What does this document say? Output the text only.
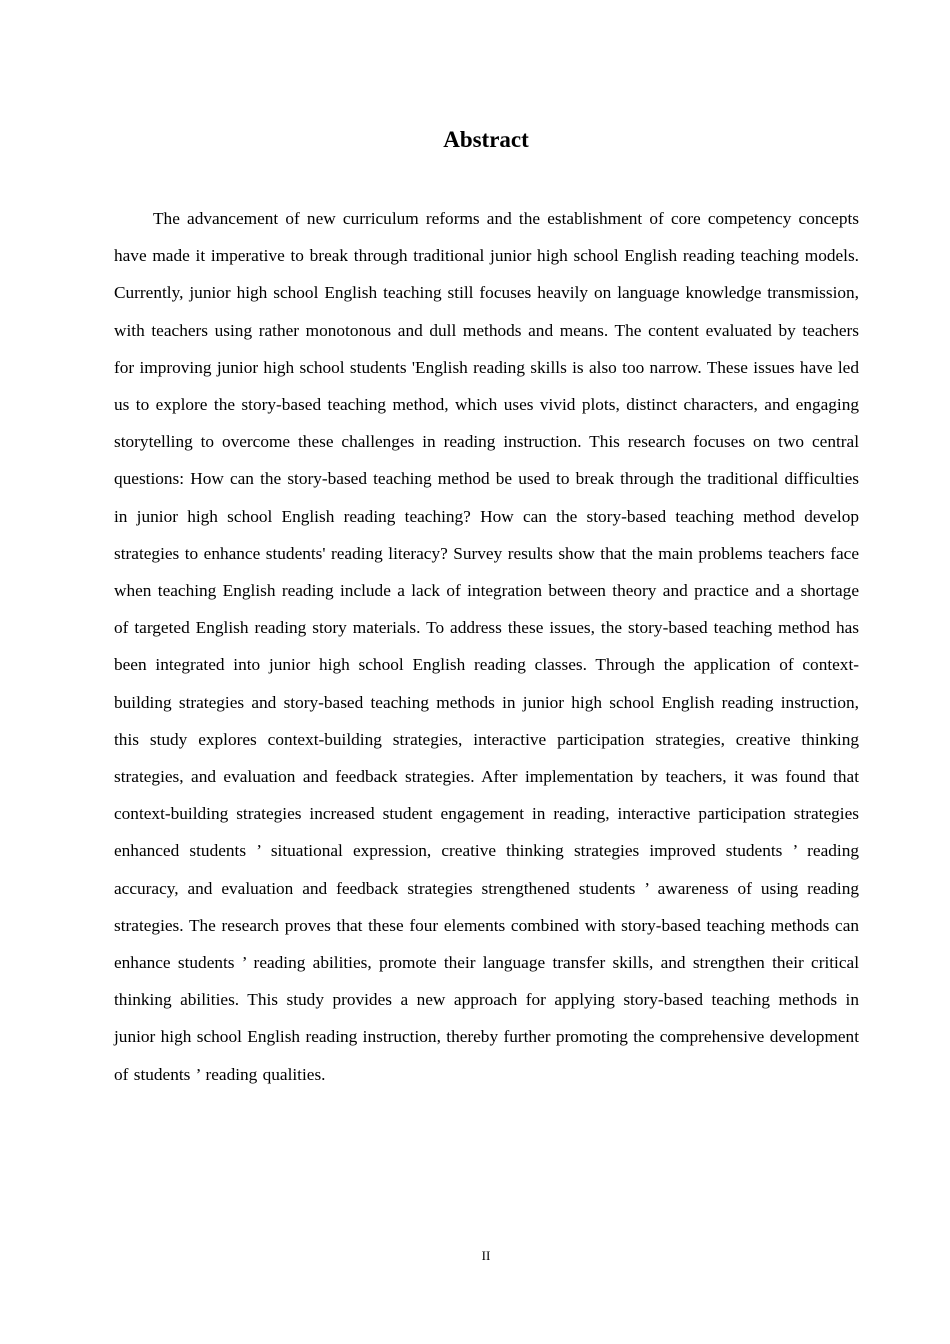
Abstract

The advancement of new curriculum reforms and the establishment of core competency concepts have made it imperative to break through traditional junior high school English reading teaching models. Currently, junior high school English teaching still focuses heavily on language knowledge transmission, with teachers using rather monotonous and dull methods and means. The content evaluated by teachers for improving junior high school students 'English reading skills is also too narrow. These issues have led us to explore the story-based teaching method, which uses vivid plots, distinct characters, and engaging storytelling to overcome these challenges in reading instruction. This research focuses on two central questions: How can the story-based teaching method be used to break through the traditional difficulties in junior high school English reading teaching? How can the story-based teaching method develop strategies to enhance students' reading literacy? Survey results show that the main problems teachers face when teaching English reading include a lack of integration between theory and practice and a shortage of targeted English reading story materials. To address these issues, the story-based teaching method has been integrated into junior high school English reading classes. Through the application of context-building strategies and story-based teaching methods in junior high school English reading instruction, this study explores context-building strategies, interactive participation strategies, creative thinking strategies, and evaluation and feedback strategies. After implementation by teachers, it was found that context-building strategies increased student engagement in reading, interactive participation strategies enhanced students ’ situational expression, creative thinking strategies improved students ’ reading accuracy, and evaluation and feedback strategies strengthened students ’ awareness of using reading strategies. The research proves that these four elements combined with story-based teaching methods can enhance students ’ reading abilities, promote their language transfer skills, and strengthen their critical thinking abilities. This study provides a new approach for applying story-based teaching methods in junior high school English reading instruction, thereby further promoting the comprehensive development of students ’ reading qualities.

II
